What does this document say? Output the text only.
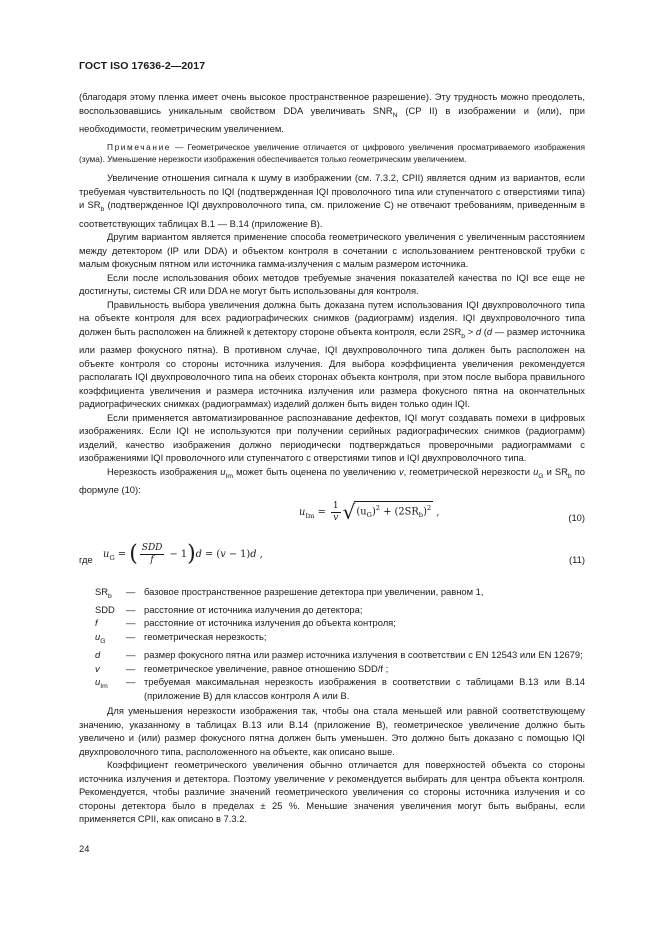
ГОСТ ISO 17636-2—2017

(благодаря этому пленка имеет очень высокое пространственное разрешение). Эту трудность можно преодолеть, воспользовавшись уникальным свойством DDA увеличивать $SNR_N$ (CP II) в изображении и (или), при необходимости, геометрическим увеличением.

Примечание — Геометрическое увеличение отличается от цифрового увеличения просматриваемого изображения (зума). Уменьшение нерезкости изображения обеспечивается только геометрическим увеличением.

Увеличение отношения сигнала к шуму в изображении (см. 7.3.2, CPII) является одним из вариантов, если требуемая чувствительность по IQI (подтвержденная IQI проволочного типа или ступенчатого с отверстиями типа) и $SR_b$ (подтвержденное IQI двухпроволочного типа, см. приложение С) не отвечают требованиям, приведенным в соответствующих таблицах В.1 — В.14 (приложение В).

Другим вариантом является применение способа геометрического увеличения с увеличенным расстоянием между детектором (IP или DDA) и объектом контроля в сочетании с использованием рентгеновской трубки с малым фокусным пятном или источника гамма-излучения с малым размером источника.

Если после использования обоих методов требуемые значения показателей качества по IQI все еще не достигнуты, системы CR или DDA не могут быть использованы для контроля.

Правильность выбора увеличения должна быть доказана путем использования IQI двухпроволочного типа на объекте контроля для всех радиографических снимков (радиограмм) изделия. IQI двухпроволочного типа должен быть расположен на ближней к детектору стороне объекта контроля, если $2SR_b > d$ (d — размер источника или размер фокусного пятна). В противном случае, IQI двухпроволочного типа должен быть расположен на объекте контроля со стороны источника излучения. Для выбора коэффициента увеличения рекомендуется располагать IQI двухпроволочного типа на обеих сторонах объекта контроля, при этом после выбора правильного коэффициента увеличения и размера источника излучения или размера фокусного пятна на окончательных радиографических снимках (радиограммах) изделий должен быть виден только один IQI.

Если применяется автоматизированное распознавание дефектов, IQI могут создавать помехи в цифровых изображениях. Если IQI не используются при получении серийных радиографических снимков (радиограмм) изделий, качество изображения должно периодически подтверждаться проверочными радиограммами с изображениями IQI проволочного или ступенчатого с отверстиями типов и IQI двухпроволочного типа.

Нерезкость изображения $u_{Im}$ может быть оценена по увеличению v, геометрической нерезкости $u_G$ и $SR_b$ по формуле (10):

$u_{Im} = \frac{1}{v} √(u_G)^2 + (2SR_b)^2$ ,	(10)
где $u_G$ = ( $\frac{\text{SDD}}{f} - 1)d = (v - 1)d$ ,	(11)
$SR_b$	— базовое пространственное разрешение детектора при увеличении, равном 1,
SDD	— расстояние от источника излучения до детектора;
f	— расстояние от источника излучения до объекта контроля;
$u_G$	— геометрическая нерезкость;
d	— размер фокусного пятна или размер источника излучения в соответствии с EN 12543 или EN 12679;
v	— геометрическое увеличение, равное отношению SDD/f ;
$u_{Im}$	— требуемая максимальная нерезкость изображения в соответствии с таблицами В.13 или В.14 (приложение В) для классов контроля А или В.

Для уменьшения нерезкости изображения так, чтобы она стала меньшей или равной соответствующему значению, указанному в таблицах В.13 или В.14 (приложение В), геометрическое увеличение должно быть увеличено и (или) размер фокусного пятна должен быть уменьшен. Это должно быть доказано с помощью IQI двухпроволочного типа, расположенного на объекте, как описано выше.

Коэффициент геометрического увеличения обычно отличается для поверхностей объекта со стороны источника излучения и детектора. Поэтому увеличение v рекомендуется выбирать для центра объекта контроля. Рекомендуется, чтобы различие значений геометрического увеличения со стороны источника излучения и со стороны детектора было в пределах ± 25 %. Меньшие значения увеличения могут быть выбраны, если применяется CPII, как описано в 7.3.2.

24
